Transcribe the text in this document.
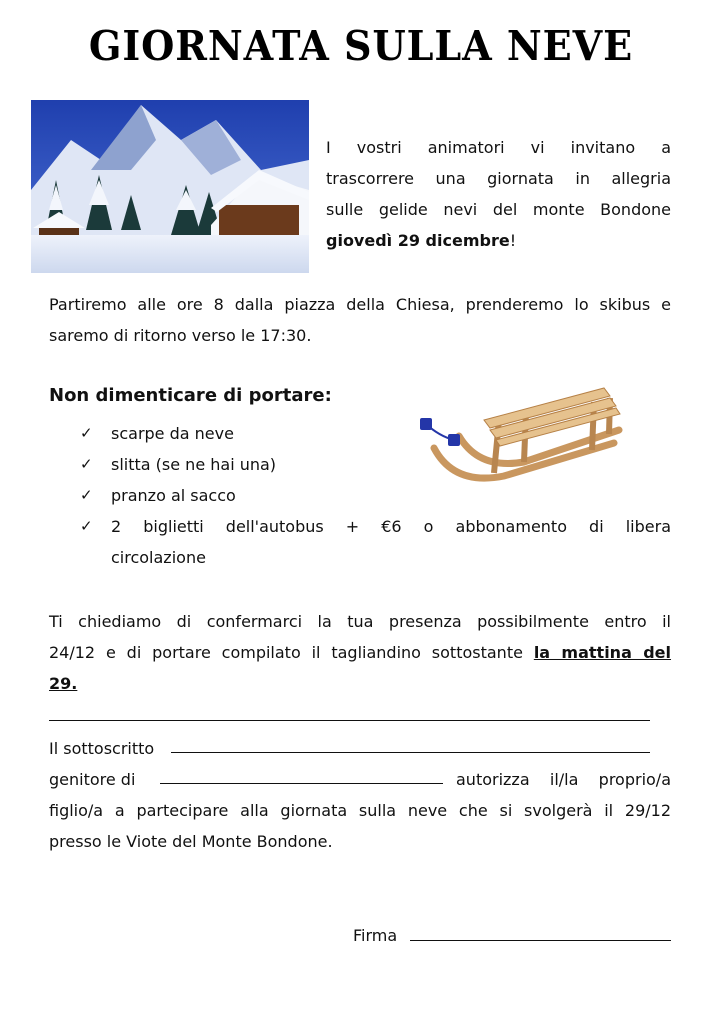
GIORNATA SULLA NEVE
I vostri animatori vi invitano a
trascorrere una giornata in allegria
sulle gelide nevi del monte Bondone
giovedì 29 dicembre!
Partiremo alle ore 8 dalla piazza della Chiesa, prenderemo lo skibus e
saremo di ritorno verso le 17:30.
Non dimenticare di portare:
✓ scarpe da neve
✓ slitta (se ne hai una)
✓ pranzo al sacco
✓ 2 biglietti dell'autobus + €6 o abbonamento di libera
circolazione
Ti chiediamo di confermarci la tua presenza possibilmente entro il
24/12 e di portare compilato il tagliandino sottostante la mattina del
29.
Il sottoscritto
genitore di	autorizza il/la proprio/a
figlio/a a partecipare alla giornata sulla neve che si svolgerà il 29/12
presso le Viote del Monte Bondone.
Firma
